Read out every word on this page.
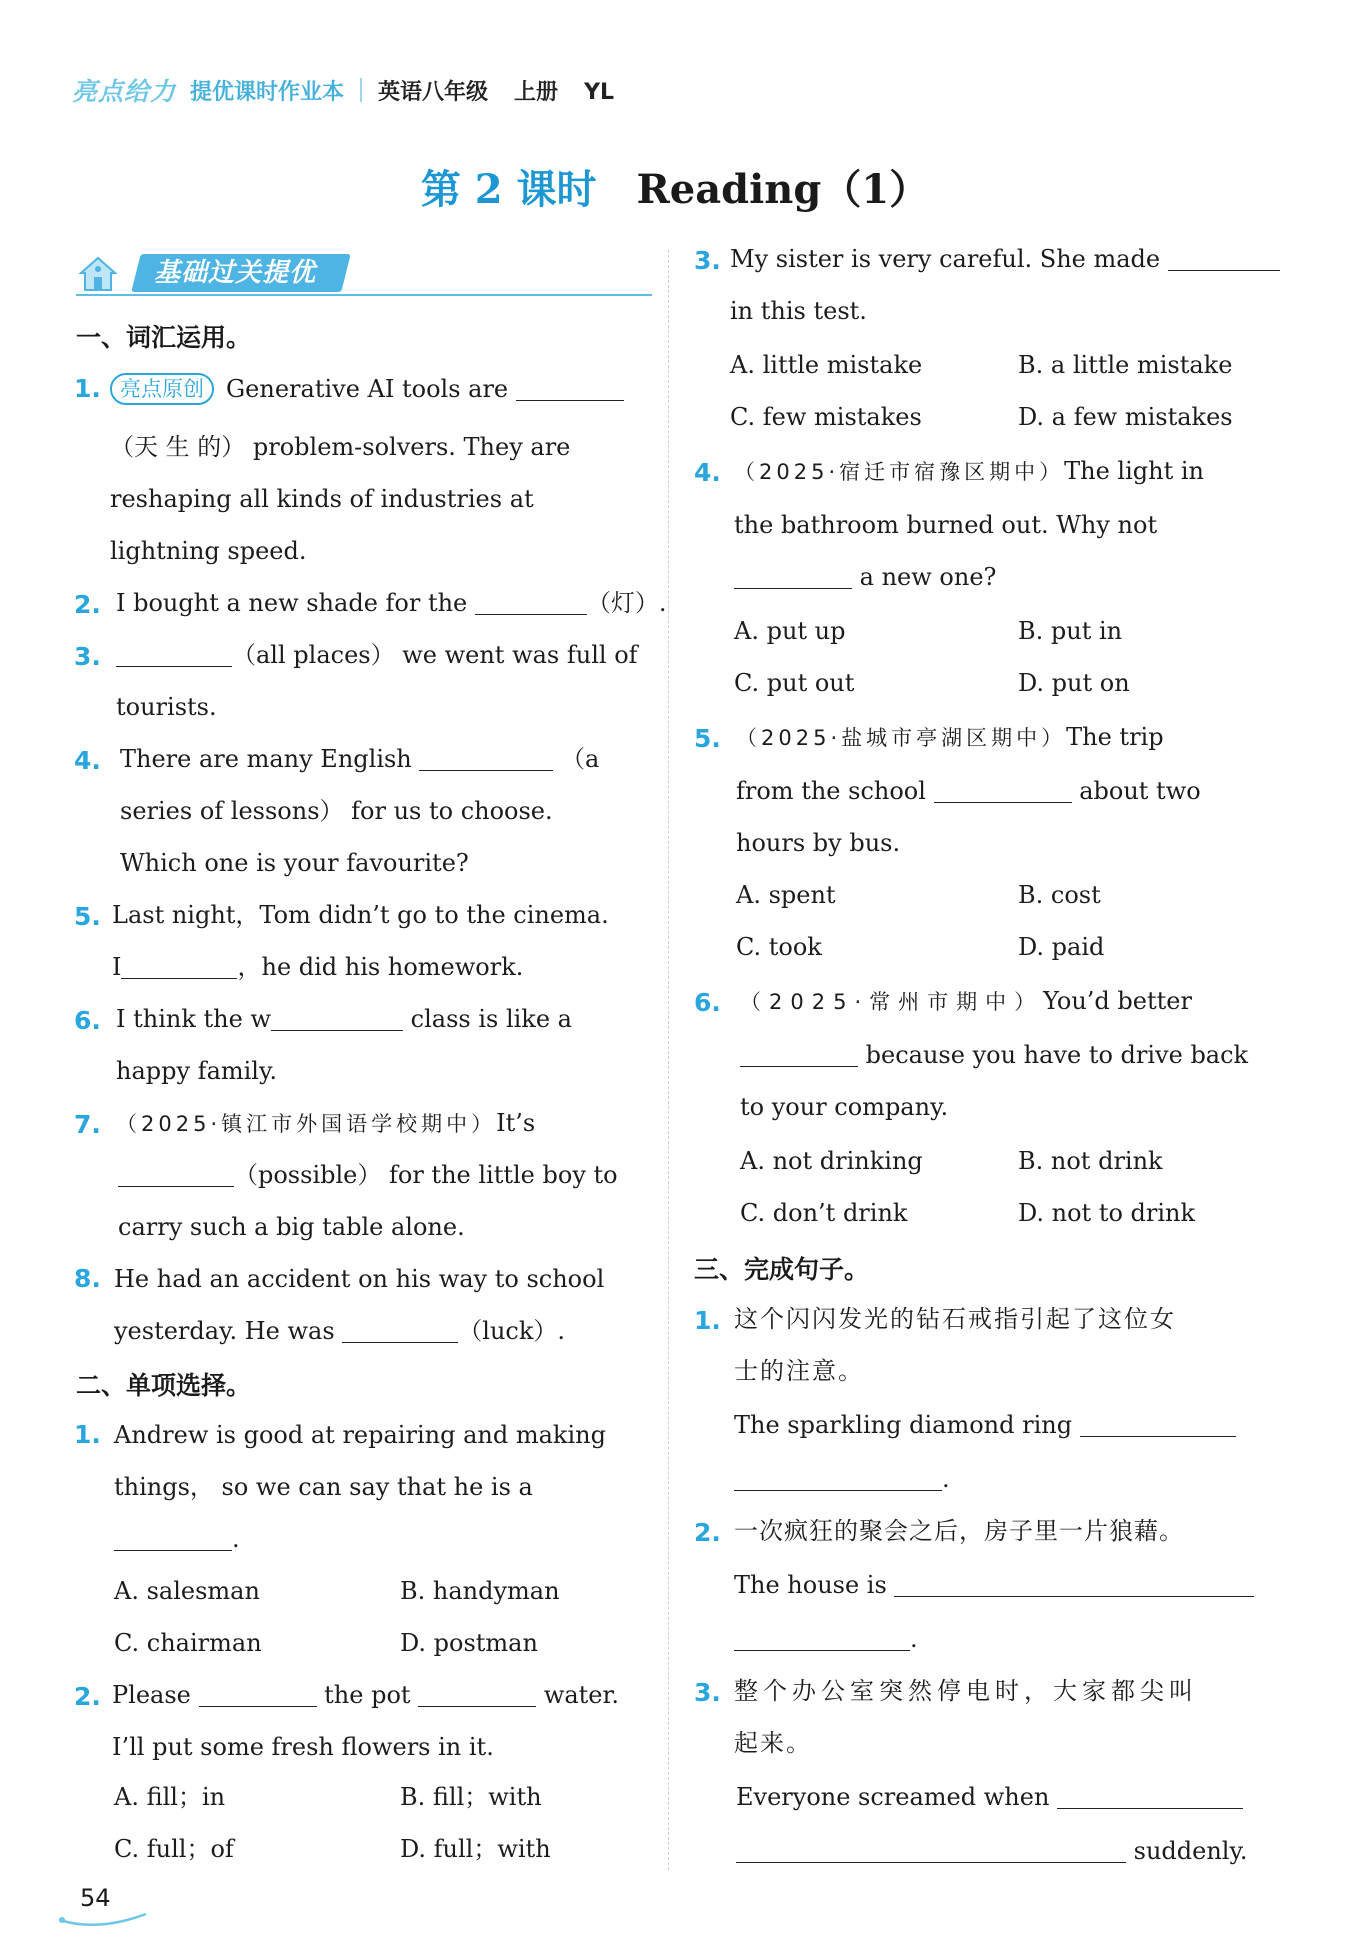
亮点给力 提优课时作业本 英语八年级 上册 YL
第 2 课时 Reading（1）
基础过关提优
一、词汇运用。
1. 亮点原创 Generative AI tools are
（天 生 的） problem-solvers. They are
reshaping all kinds of industries at
lightning speed.
2. I bought a new shade for the	（灯）.
3.	（all places） we went was full of
tourists.
4. There are many English	（a
series of lessons） for us to choose.
Which one is your favourite?
5. Last night，Tom didn’t go to the cinema.
I	，he did his homework.
6. I think the w	class is like a
happy family.
7. （2025·镇江市外国语学校期中）It’s
（possible） for the little boy to
carry such a big table alone.
8. He had an accident on his way to school
yesterday. He was	（luck）.
二、单项选择。
1. Andrew is good at repairing and making
things， so we can say that he is a
.
A. salesman	B. handyman
C. chairman	D. postman
2. Please	the pot	water.
I’ll put some fresh flowers in it.
A. fill；in	B. fill；with
C. full；of	D. full；with
3. My sister is very careful. She made
in this test.
A. little mistake	B. a little mistake
C. few mistakes	D. a few mistakes
4. （2025·宿迁市宿豫区期中）The light in
the bathroom burned out. Why not
a new one?
A. put up	B. put in
C. put out	D. put on
5. （2025·盐城市亭湖区期中）The trip
from the school	about two
hours by bus.
A. spent	B. cost
C. took	D. paid
6. （2025·常州市期中）You’d better
because you have to drive back
to your company.
A. not drinking	B. not drink
C. don’t drink	D. not to drink
三、完成句子。
1. 这个闪闪发光的钻石戒指引起了这位女
士的注意。
The sparkling diamond ring
.
2. 一次疯狂的聚会之后，房子里一片狼藉。
The house is
.
3. 整个办公室突然停电时，大家都尖叫
起来。
Everyone screamed when
suddenly.
54
